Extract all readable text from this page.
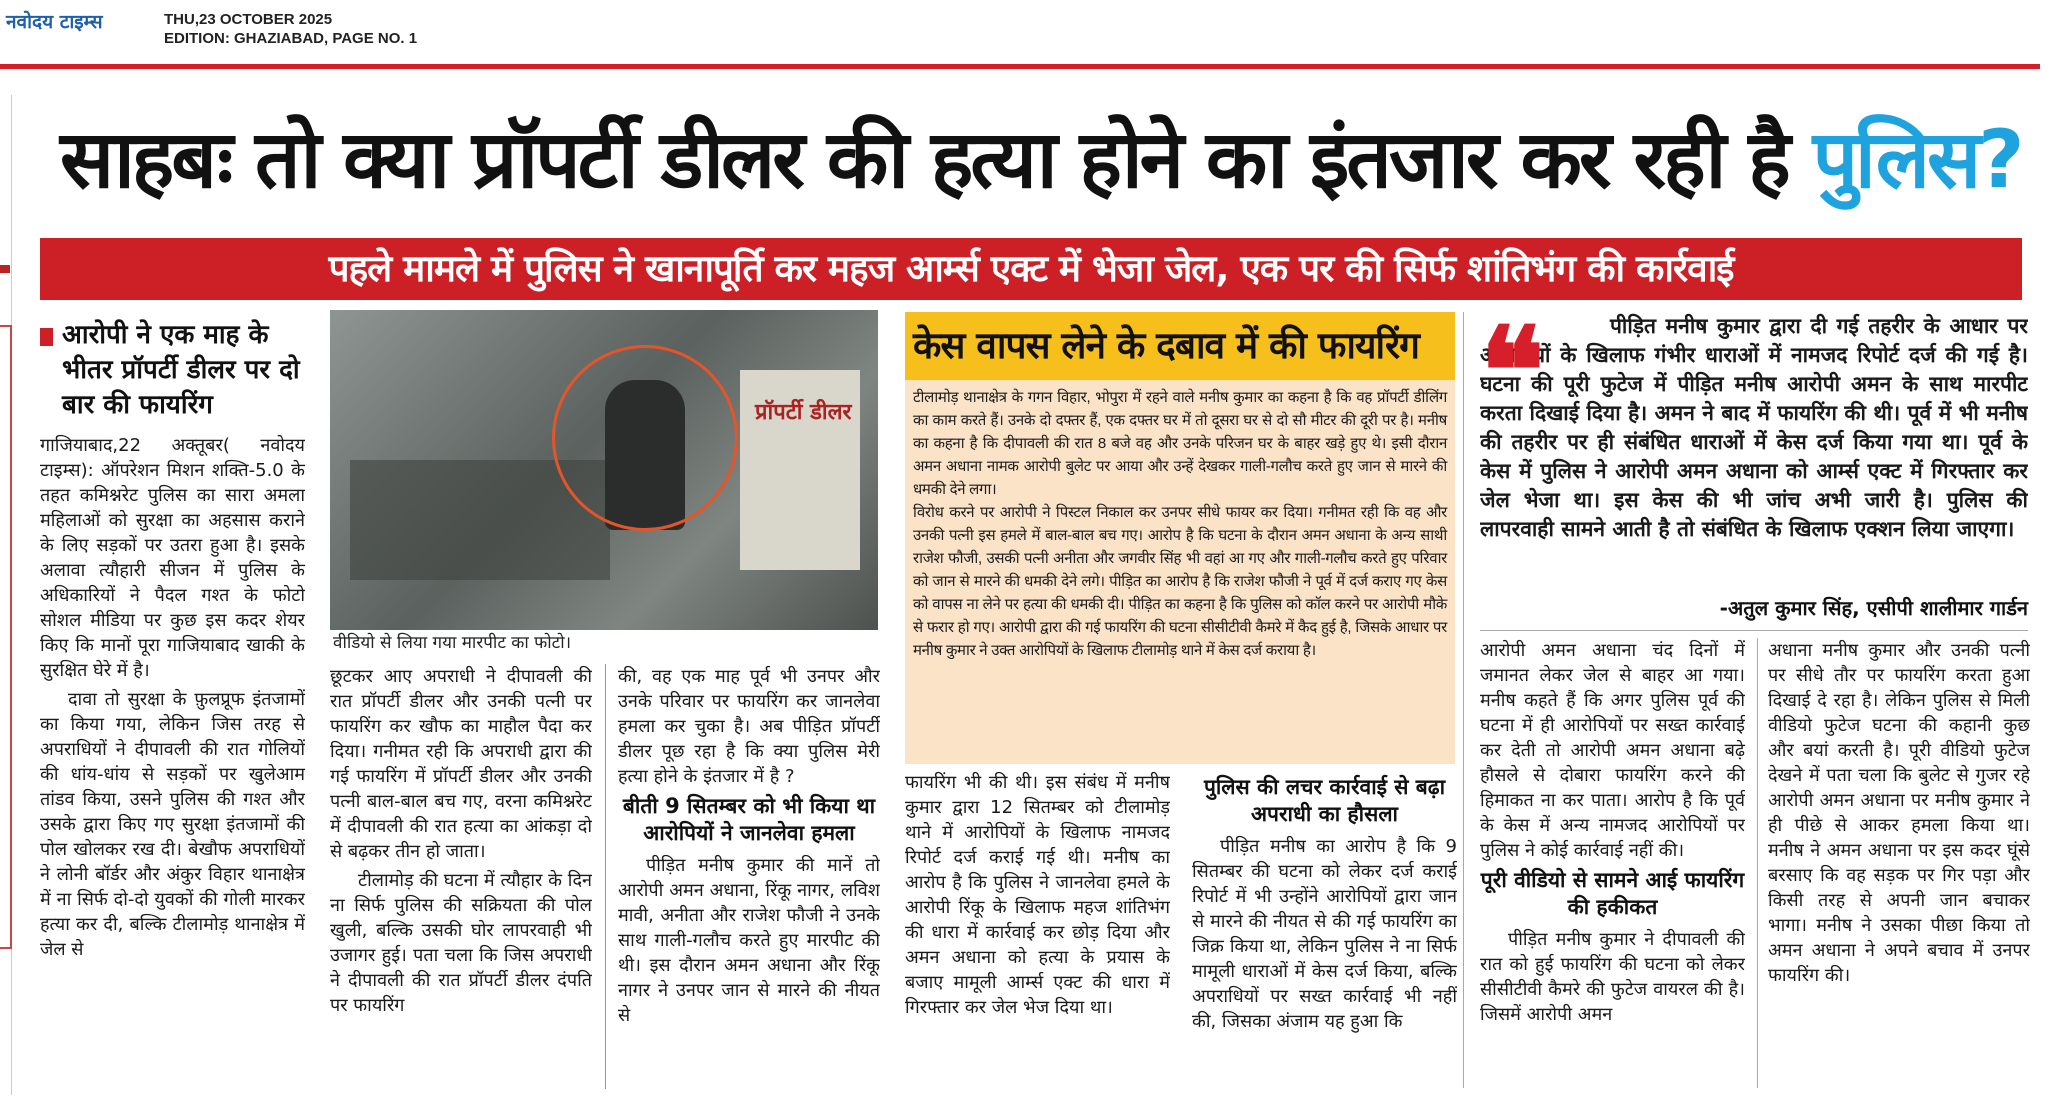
नवोदय टाइम्स	THU,23 OCTOBER 2025
EDITION: GHAZIABAD, PAGE NO. 1
साहबः तो क्या प्रॉपर्टी डीलर की हत्या होने का इंतजार कर रही है पुलिस?
पहले मामले में पुलिस ने खानापूर्ति कर महज आर्म्स एक्ट में भेजा जेल, एक पर की सिर्फ शांतिभंग की कार्रवाई
आरोपी ने एक माह के भीतर प्रॉपर्टी डीलर पर दो बार की फायरिंग

गाजियाबाद,22 अक्तूबर( नवोदय टाइम्स): ऑपरेशन मिशन शक्ति-5.0 के तहत कमिश्नरेट पुलिस का सारा अमला महिलाओं को सुरक्षा का अहसास कराने के लिए सड़कों पर उतरा हुआ है। इसके अलावा त्यौहारी सीजन में पुलिस के अधिकारियों ने पैदल गश्त के फोटो सोशल मीडिया पर कुछ इस कदर शेयर किए कि मानों पूरा गाजियाबाद खाकी के सुरक्षित घेरे में है।

दावा तो सुरक्षा के फ़ुलप्रूफ इंतजामों का किया गया, लेकिन जिस तरह से अपराधियों ने दीपावली की रात गोलियों की धांय-धांय से सड़कों पर खुलेआम तांडव किया, उसने पुलिस की गश्त और उसके द्वारा किए गए सुरक्षा इंतजामों की पोल खोलकर रख दी। बेखौफ अपराधियों ने लोनी बॉर्डर और अंकुर विहार थानाक्षेत्र में ना सिर्फ दो-दो युवकों की गोली मारकर हत्या कर दी, बल्कि टीलामोड़ थानाक्षेत्र में जेल से

प्रॉपर्टी डीलर
वीडियो से लिया गया मारपीट का फोटो।

छूटकर आए अपराधी ने दीपावली की रात प्रॉपर्टी डीलर और उनकी पत्नी पर फायरिंग कर खौफ का माहौल पैदा कर दिया। गनीमत रही कि अपराधी द्वारा की गई फायरिंग में प्रॉपर्टी डीलर और उनकी पत्नी बाल-बाल बच गए, वरना कमिश्नरेट में दीपावली की रात हत्या का आंकड़ा दो से बढ़कर तीन हो जाता।

टीलामोड़ की घटना में त्यौहार के दिन ना सिर्फ पुलिस की सक्रियता की पोल खुली, बल्कि उसकी घोर लापरवाही भी उजागर हुई। पता चला कि जिस अपराधी ने दीपावली की रात प्रॉपर्टी डीलर दंपति पर फायरिंग

की, वह एक माह पूर्व भी उनपर और उनके परिवार पर फायरिंग कर जानलेवा हमला कर चुका है। अब पीड़ित प्रॉपर्टी डीलर पूछ रहा है कि क्या पुलिस मेरी हत्या होने के इंतजार में है ?

बीती 9 सितम्बर को भी किया था आरोपियों ने जानलेवा हमला

पीड़ित मनीष कुमार की मानें तो आरोपी अमन अधाना, रिंकू नागर, लविश मावी, अनीता और राजेश फौजी ने उनके साथ गाली-गलौच करते हुए मारपीट की थी। इस दौरान अमन अधाना और रिंकू नागर ने उनपर जान से मारने की नीयत से

केस वापस लेने के दबाव में की फायरिंग

टीलामोड़ थानाक्षेत्र के गगन विहार, भोपुरा में रहने वाले मनीष कुमार का कहना है कि वह प्रॉपर्टी डीलिंग का काम करते हैं। उनके दो दफ्तर हैं, एक दफ्तर घर में तो दूसरा घर से दो सौ मीटर की दूरी पर है। मनीष का कहना है कि दीपावली की रात 8 बजे वह और उनके परिजन घर के बाहर खड़े हुए थे। इसी दौरान अमन अधाना नामक आरोपी बुलेट पर आया और उन्हें देखकर गाली-गलौच करते हुए जान से मारने की धमकी देने लगा।

विरोध करने पर आरोपी ने पिस्टल निकाल कर उनपर सीधे फायर कर दिया। गनीमत रही कि वह और उनकी पत्नी इस हमले में बाल-बाल बच गए। आरोप है कि घटना के दौरान अमन अधाना के अन्य साथी राजेश फौजी, उसकी पत्नी अनीता और जगवीर सिंह भी वहां आ गए और गाली-गलौच करते हुए परिवार को जान से मारने की धमकी देने लगे। पीड़ित का आरोप है कि राजेश फौजी ने पूर्व में दर्ज कराए गए केस को वापस ना लेने पर हत्या की धमकी दी। पीड़ित का कहना है कि पुलिस को कॉल करने पर आरोपी मौके से फरार हो गए। आरोपी द्वारा की गई फायरिंग की घटना सीसीटीवी कैमरे में कैद हुई है, जिसके आधार पर मनीष कुमार ने उक्त आरोपियों के खिलाफ टीलामोड़ थाने में केस दर्ज कराया है।

फायरिंग भी की थी। इस संबंध में मनीष कुमार द्वारा 12 सितम्बर को टीलामोड़ थाने में आरोपियों के खिलाफ नामजद रिपोर्ट दर्ज कराई गई थी। मनीष का आरोप है कि पुलिस ने जानलेवा हमले के आरोपी रिंकू के खिलाफ महज शांतिभंग की धारा में कार्रवाई कर छोड़ दिया और अमन अधाना को हत्या के प्रयास के बजाए मामूली आर्म्स एक्ट की धारा में गिरफ्तार कर जेल भेज दिया था।

पुलिस की लचर कार्रवाई से बढ़ा अपराधी का हौसला

पीड़ित मनीष का आरोप है कि 9 सितम्बर की घटना को लेकर दर्ज कराई रिपोर्ट में भी उन्होंने आरोपियों द्वारा जान से मारने की नीयत से की गई फायरिंग का जिक्र किया था, लेकिन पुलिस ने ना सिर्फ मामूली धाराओं में केस दर्ज किया, बल्कि अपराधियों पर सख्त कार्रवाई भी नहीं की, जिसका अंजाम यह हुआ कि

❝	पीड़ित मनीष कुमार द्वारा दी गई तहरीर के आधार पर आरोपियों के खिलाफ गंभीर धाराओं में नामजद रिपोर्ट दर्ज की गई है। घटना की पूरी फुटेज में पीड़ित मनीष आरोपी अमन के साथ मारपीट करता दिखाई दिया है। अमन ने बाद में फायरिंग की थी। पूर्व में भी मनीष की तहरीर पर ही संबंधित धाराओं में केस दर्ज किया गया था। पूर्व के केस में पुलिस ने आरोपी अमन अधाना को आर्म्स एक्ट में गिरफ्तार कर जेल भेजा था। इस केस की भी जांच अभी जारी है। पुलिस की लापरवाही सामने आती है तो संबंधित के खिलाफ एक्शन लिया जाएगा।
-अतुल कुमार सिंह, एसीपी शालीमार गार्डन

आरोपी अमन अधाना चंद दिनों में जमानत लेकर जेल से बाहर आ गया। मनीष कहते हैं कि अगर पुलिस पूर्व की घटना में ही आरोपियों पर सख्त कार्रवाई कर देती तो आरोपी अमन अधाना बढ़े हौसले से दोबारा फायरिंग करने की हिमाकत ना कर पाता। आरोप है कि पूर्व के केस में अन्य नामजद आरोपियों पर पुलिस ने कोई कार्रवाई नहीं की।

पूरी वीडियो से सामने आई फायरिंग की हकीकत

पीड़ित मनीष कुमार ने दीपावली की रात को हुई फायरिंग की घटना को लेकर सीसीटीवी कैमरे की फुटेज वायरल की है। जिसमें आरोपी अमन

अधाना मनीष कुमार और उनकी पत्नी पर सीधे तौर पर फायरिंग करता हुआ दिखाई दे रहा है। लेकिन पुलिस से मिली वीडियो फुटेज घटना की कहानी कुछ और बयां करती है। पूरी वीडियो फुटेज देखने में पता चला कि बुलेट से गुजर रहे आरोपी अमन अधाना पर मनीष कुमार ने ही पीछे से आकर हमला किया था। मनीष ने अमन अधाना पर इस कदर घूंसे बरसाए कि वह सड़क पर गिर पड़ा और किसी तरह से अपनी जान बचाकर भागा। मनीष ने उसका पीछा किया तो अमन अधाना ने अपने बचाव में उनपर फायरिंग की।
